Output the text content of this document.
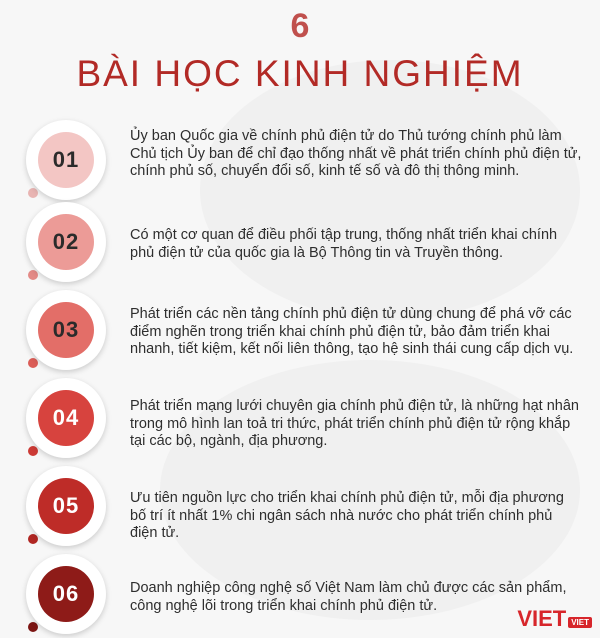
6
BÀI HỌC KINH NGHIỆM
01
Ủy ban Quốc gia về chính phủ điện tử do Thủ tướng chính phủ làm Chủ tịch Ủy ban để chỉ đạo thống nhất về phát triển chính phủ điện tử, chính phủ số, chuyển đổi số, kinh tế số và đô thị thông minh.
02	Có một cơ quan để điều phối tập trung, thống nhất triển khai chính phủ điện tử của quốc gia là Bộ Thông tin và Truyền thông.
03
Phát triển các nền tảng chính phủ điện tử dùng chung để phá vỡ các điểm nghẽn trong triển khai chính phủ điện tử, bảo đảm triển khai nhanh, tiết kiệm, kết nối liên thông, tạo hệ sinh thái cung cấp dịch vụ.
04	Phát triển mạng lưới chuyên gia chính phủ điện tử, là những hạt nhân trong mô hình lan toả tri thức, phát triển chính phủ điện tử rộng khắp tại các bộ, ngành, địa phương.
05	Ưu tiên nguồn lực cho triển khai chính phủ điện tử, mỗi địa phương bố trí ít nhất 1% chi ngân sách nhà nước cho phát triển chính phủ điện tử.
06	Doanh nghiệp công nghệ số Việt Nam làm chủ được các sản phẩm, công nghệ lõi trong triển khai chính phủ điện tử.
VIET VIET
